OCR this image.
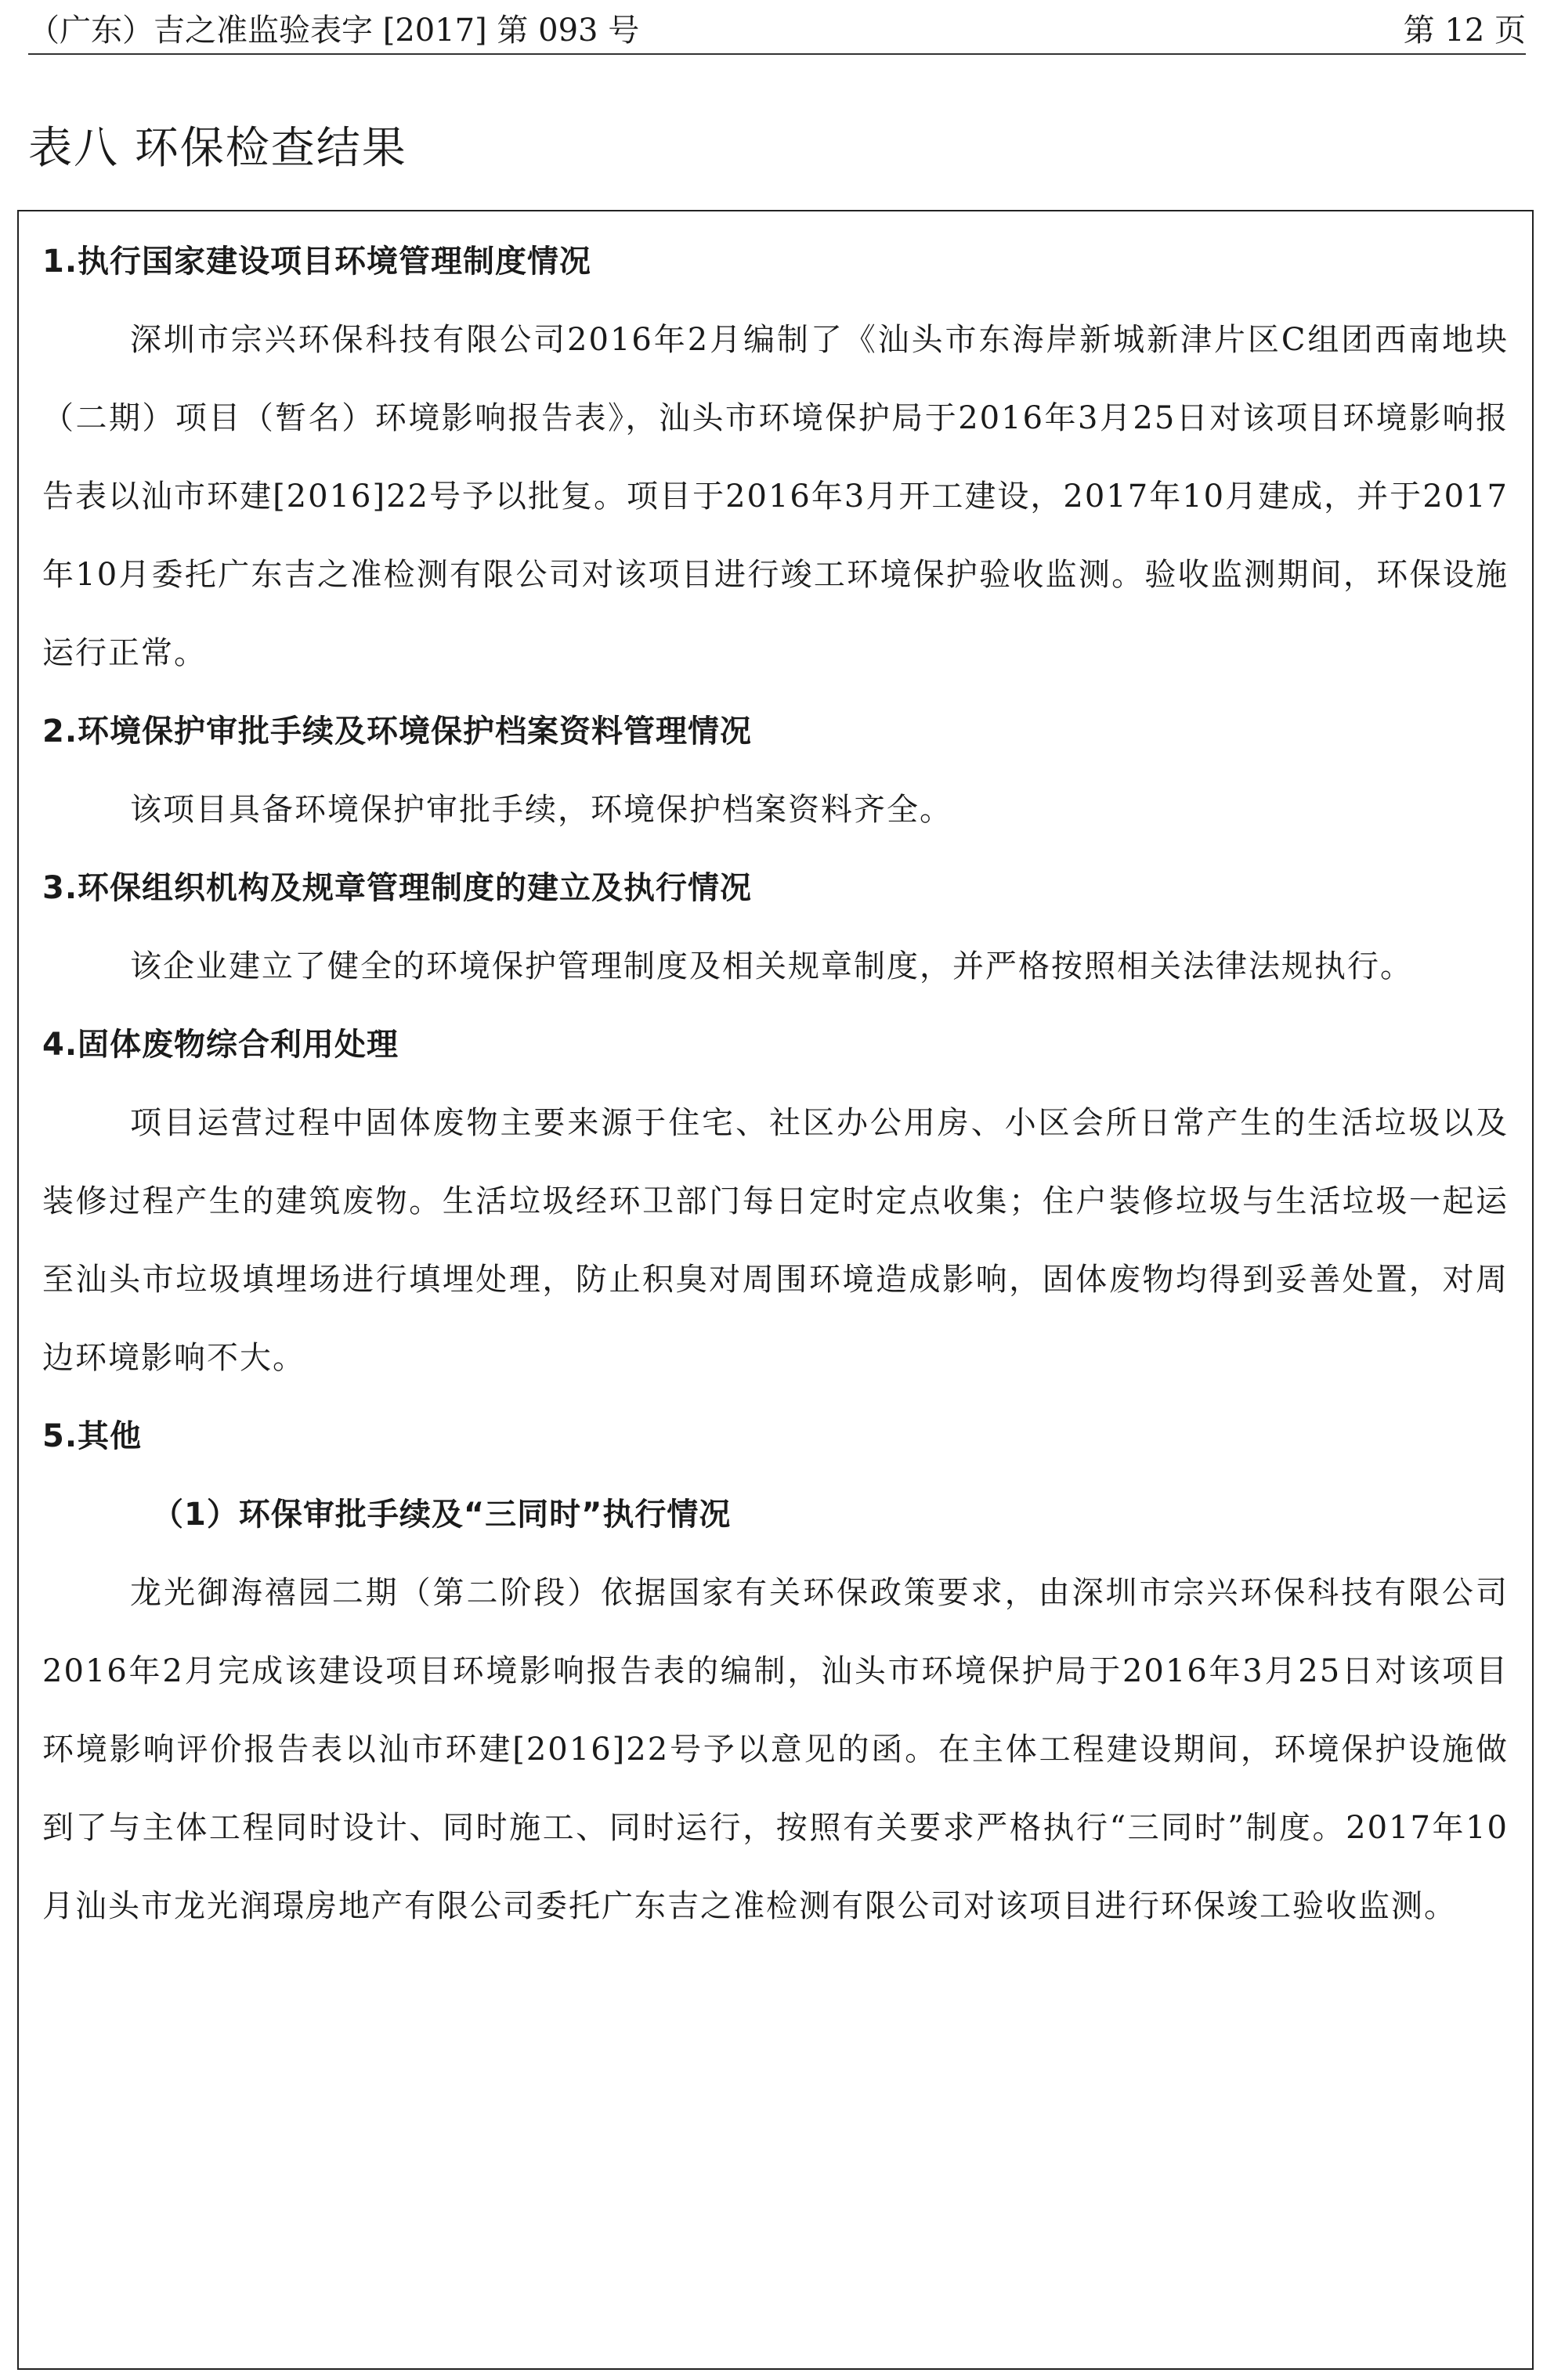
（广东）吉之准监验表字 [2017] 第 093 号	第 12 页
表八 环保检查结果

1.执行国家建设项目环境管理制度情况

深圳市宗兴环保科技有限公司2016年2月编制了《汕头市东海岸新城新津片区C组团西南地块（二期）项目（暂名）环境影响报告表》，汕头市环境保护局于2016年3月25日对该项目环境影响报告表以汕市环建[2016]22号予以批复。项目于2016年3月开工建设，2017年10月建成，并于2017年10月委托广东吉之准检测有限公司对该项目进行竣工环境保护验收监测。验收监测期间，环保设施运行正常。

2.环境保护审批手续及环境保护档案资料管理情况

该项目具备环境保护审批手续，环境保护档案资料齐全。

3.环保组织机构及规章管理制度的建立及执行情况

该企业建立了健全的环境保护管理制度及相关规章制度，并严格按照相关法律法规执行。

4.固体废物综合利用处理

项目运营过程中固体废物主要来源于住宅、社区办公用房、小区会所日常产生的生活垃圾以及装修过程产生的建筑废物。生活垃圾经环卫部门每日定时定点收集；住户装修垃圾与生活垃圾一起运至汕头市垃圾填埋场进行填埋处理，防止积臭对周围环境造成影响，固体废物均得到妥善处置，对周边环境影响不大。

5.其他

（1）环保审批手续及“三同时”执行情况

龙光御海禧园二期（第二阶段）依据国家有关环保政策要求，由深圳市宗兴环保科技有限公司2016年2月完成该建设项目环境影响报告表的编制，汕头市环境保护局于2016年3月25日对该项目环境影响评价报告表以汕市环建[2016]22号予以意见的函。在主体工程建设期间，环境保护设施做到了与主体工程同时设计、同时施工、同时运行，按照有关要求严格执行“三同时”制度。2017年10月汕头市龙光润璟房地产有限公司委托广东吉之准检测有限公司对该项目进行环保竣工验收监测。
